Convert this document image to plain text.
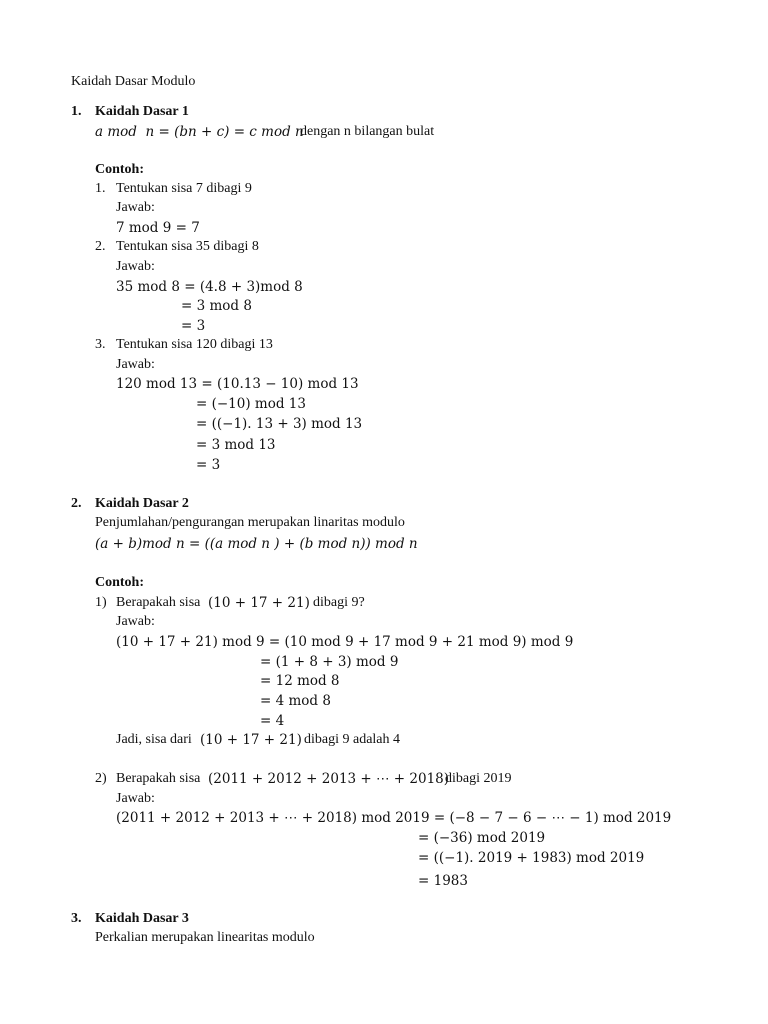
Kaidah Dasar Modulo
1. Kaidah Dasar 1
a mod  n = (bn + c) = c mod n
dengan n bilangan bulat
Contoh:
1. Tentukan sisa 7 dibagi 9
Jawab:
7 mod 9 = 7
2. Tentukan sisa 35 dibagi 8
Jawab:
35 mod 8 = (4.8 + 3)mod 8
= 3 mod 8
= 3
3. Tentukan sisa 120 dibagi 13
Jawab:
120 mod 13 = (10.13 − 10) mod 13
= (−10) mod 13
= ((−1). 13 + 3) mod 13
= 3 mod 13
= 3
2. Kaidah Dasar 2
Penjumlahan/pengurangan merupakan linaritas modulo
(a + b)mod n = ((a mod n ) + (b mod n)) mod n
Contoh:
1) Berapakah sisa (10 + 17 + 21) dibagi 9?
Jawab:
(10 + 17 + 21) mod 9 = (10 mod 9 + 17 mod 9 + 21 mod 9) mod 9
= (1 + 8 + 3) mod 9
= 12 mod 8
= 4 mod 8
= 4
Jadi, sisa dari (10 + 17 + 21) dibagi 9 adalah 4
2) Berapakah sisa (2011 + 2012 + 2013 + ⋯ + 2018)
dibagi 2019
Jawab:
(2011 + 2012 + 2013 + ⋯ + 2018) mod 2019 = (−8 − 7 − 6 − ⋯ − 1) mod 2019
= (−36) mod 2019
= ((−1). 2019 + 1983) mod 2019
= 1983
3. Kaidah Dasar 3
Perkalian merupakan linearitas modulo
